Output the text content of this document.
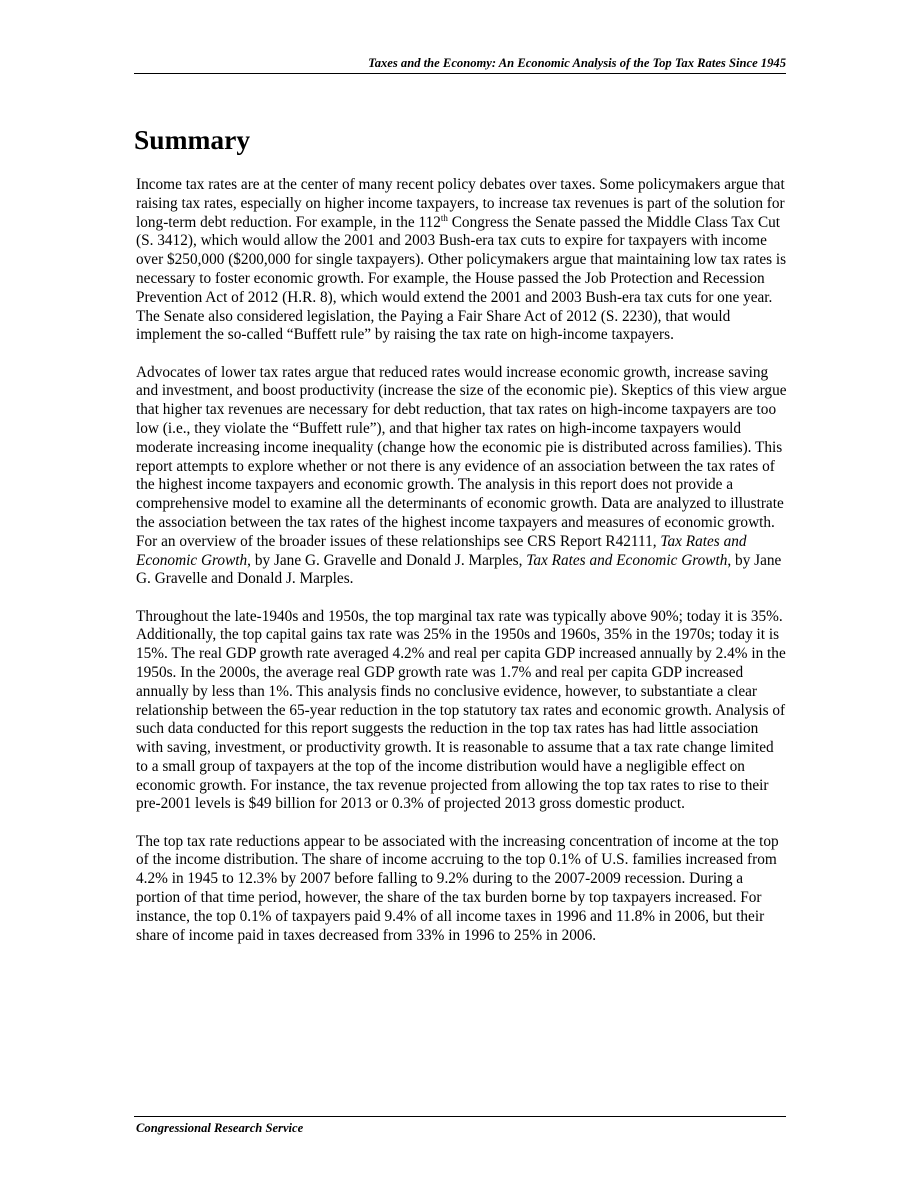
Taxes and the Economy: An Economic Analysis of the Top Tax Rates Since 1945
Summary

Income tax rates are at the center of many recent policy debates over taxes. Some policymakers argue that raising tax rates, especially on higher income taxpayers, to increase tax revenues is part of the solution for long-term debt reduction. For example, in the 112th Congress the Senate passed the Middle Class Tax Cut (S. 3412), which would allow the 2001 and 2003 Bush-era tax cuts to expire for taxpayers with income over $250,000 ($200,000 for single taxpayers). Other policymakers argue that maintaining low tax rates is necessary to foster economic growth. For example, the House passed the Job Protection and Recession Prevention Act of 2012 (H.R. 8), which would extend the 2001 and 2003 Bush-era tax cuts for one year. The Senate also considered legislation, the Paying a Fair Share Act of 2012 (S. 2230), that would implement the so-called “Buffett rule” by raising the tax rate on high-income taxpayers.

Advocates of lower tax rates argue that reduced rates would increase economic growth, increase saving and investment, and boost productivity (increase the size of the economic pie). Skeptics of this view argue that higher tax revenues are necessary for debt reduction, that tax rates on high-income taxpayers are too low (i.e., they violate the “Buffett rule”), and that higher tax rates on high-income taxpayers would moderate increasing income inequality (change how the economic pie is distributed across families). This report attempts to explore whether or not there is any evidence of an association between the tax rates of the highest income taxpayers and economic growth. The analysis in this report does not provide a comprehensive model to examine all the determinants of economic growth. Data are analyzed to illustrate the association between the tax rates of the highest income taxpayers and measures of economic growth. For an overview of the broader issues of these relationships see CRS Report R42111, Tax Rates and Economic Growth, by Jane G. Gravelle and Donald J. Marples, Tax Rates and Economic Growth, by Jane G. Gravelle and Donald J. Marples.

Throughout the late-1940s and 1950s, the top marginal tax rate was typically above 90%; today it is 35%. Additionally, the top capital gains tax rate was 25% in the 1950s and 1960s, 35% in the 1970s; today it is 15%. The real GDP growth rate averaged 4.2% and real per capita GDP increased annually by 2.4% in the 1950s. In the 2000s, the average real GDP growth rate was 1.7% and real per capita GDP increased annually by less than 1%. This analysis finds no conclusive evidence, however, to substantiate a clear relationship between the 65-year reduction in the top statutory tax rates and economic growth. Analysis of such data conducted for this report suggests the reduction in the top tax rates has had little association with saving, investment, or productivity growth. It is reasonable to assume that a tax rate change limited to a small group of taxpayers at the top of the income distribution would have a negligible effect on economic growth. For instance, the tax revenue projected from allowing the top tax rates to rise to their pre-2001 levels is $49 billion for 2013 or 0.3% of projected 2013 gross domestic product.

The top tax rate reductions appear to be associated with the increasing concentration of income at the top of the income distribution. The share of income accruing to the top 0.1% of U.S. families increased from 4.2% in 1945 to 12.3% by 2007 before falling to 9.2% during to the 2007-2009 recession. During a portion of that time period, however, the share of the tax burden borne by top taxpayers increased. For instance, the top 0.1% of taxpayers paid 9.4% of all income taxes in 1996 and 11.8% in 2006, but their share of income paid in taxes decreased from 33% in 1996 to 25% in 2006.

Congressional Research Service
